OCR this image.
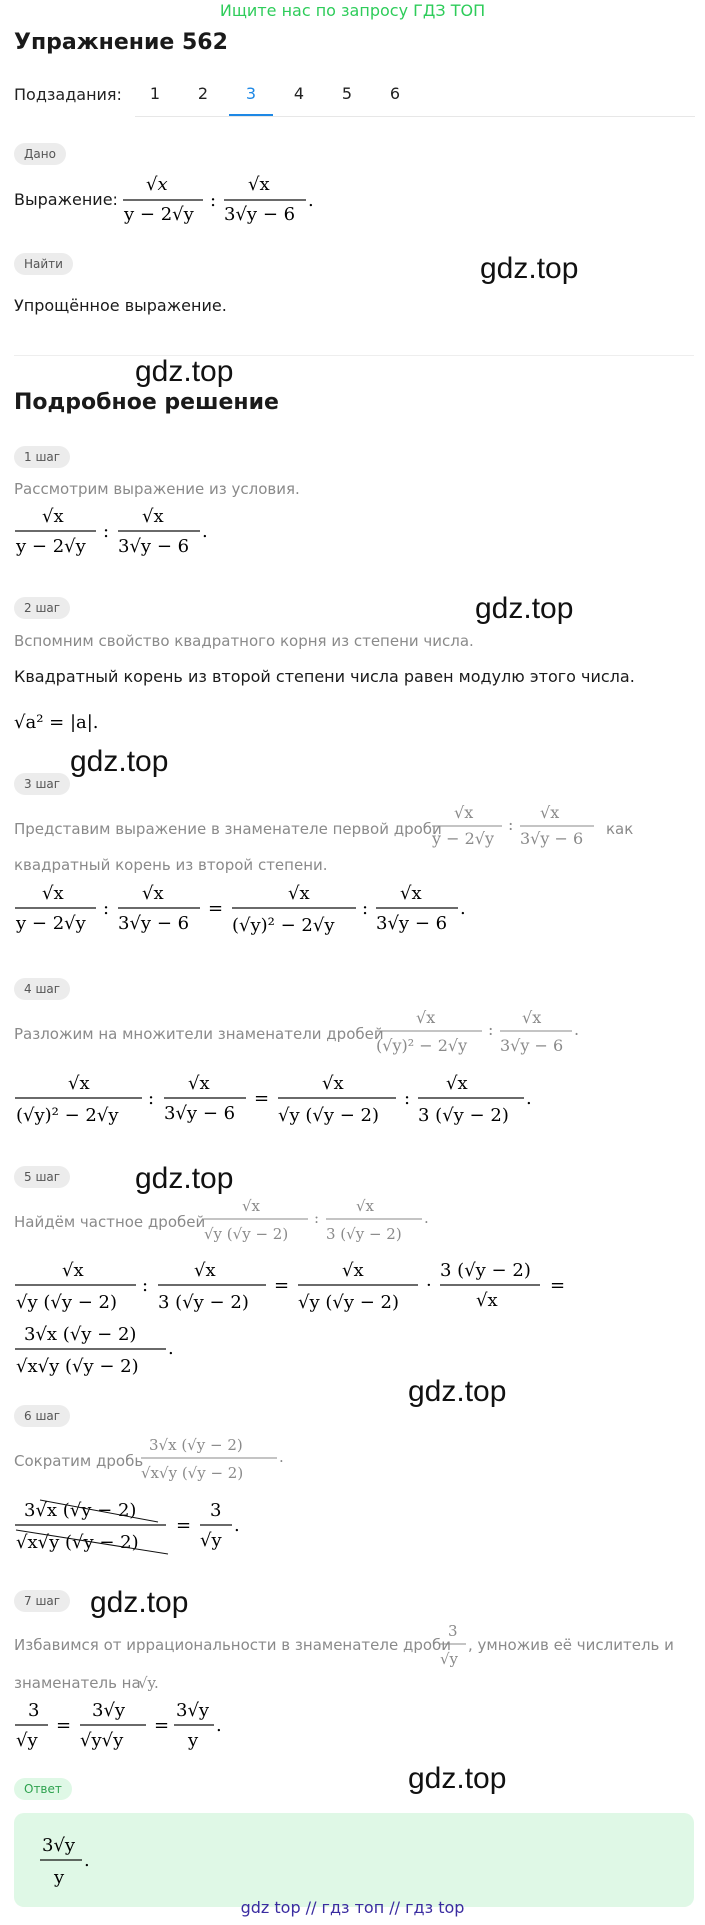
Ищите нас по запросу ГДЗ ТОП
Упражнение 562
Подзадания:	1	2	3	4	5	6
Дано
Выражение:
√x
y − 2√y
:
√x
3√y − 6
.
Найти
Упрощённое выражение.
gdz.top
gdz.top
Подробное решение
1 шаг
Рассмотрим выражение из условия.
√x
y − 2√y
:
√x
3√y − 6
.
gdz.top
2 шаг
Вспомним свойство квадратного корня из степени числа.
Квадратный корень из второй степени числа равен модулю этого числа.
√a² = |a|.
gdz.top
3 шаг
Представим выражение в знаменателе первой дроби
√x
y − 2√y
:
√x
3√y − 6 как
квадратный корень из второй степени.
√x
y − 2√y
:
√x
3√y − 6
=
√x
(√y)² − 2√y
:
√x
3√y − 6
.
4 шаг
Разложим на множители знаменатели дробей
√x
(√y)² − 2√y
:
√x
3√y − 6
.
√x
(√y)² − 2√y
:
√x
3√y − 6
=
√x
√y (√y − 2)
:
√x
3 (√y − 2)
.
gdz.top
5 шаг
Найдём частное дробей
√x
√y (√y − 2)
:
√x
3 (√y − 2)
.
√x
√y (√y − 2)
:
√x
3 (√y − 2)
=
√x
√y (√y − 2)
·
3 (√y − 2)
√x
=
3√x (√y − 2)
√x√y (√y − 2)
.
gdz.top
6 шаг
Сократим дробь
3√x (√y − 2)
√x√y (√y − 2)
.
3√x (√y − 2)
√x√y (√y − 2)
=
3
√y
.
gdz.top
7 шаг
Избавимся от иррациональности в знаменателе дроби
3
√y
, умножив её числитель и
знаменатель на
√y.
3
√y
=
3√y
√y√y
=
3√y
y
.
gdz.top
Ответ
3√y
y
.
gdz top // гдз топ // гдз top
